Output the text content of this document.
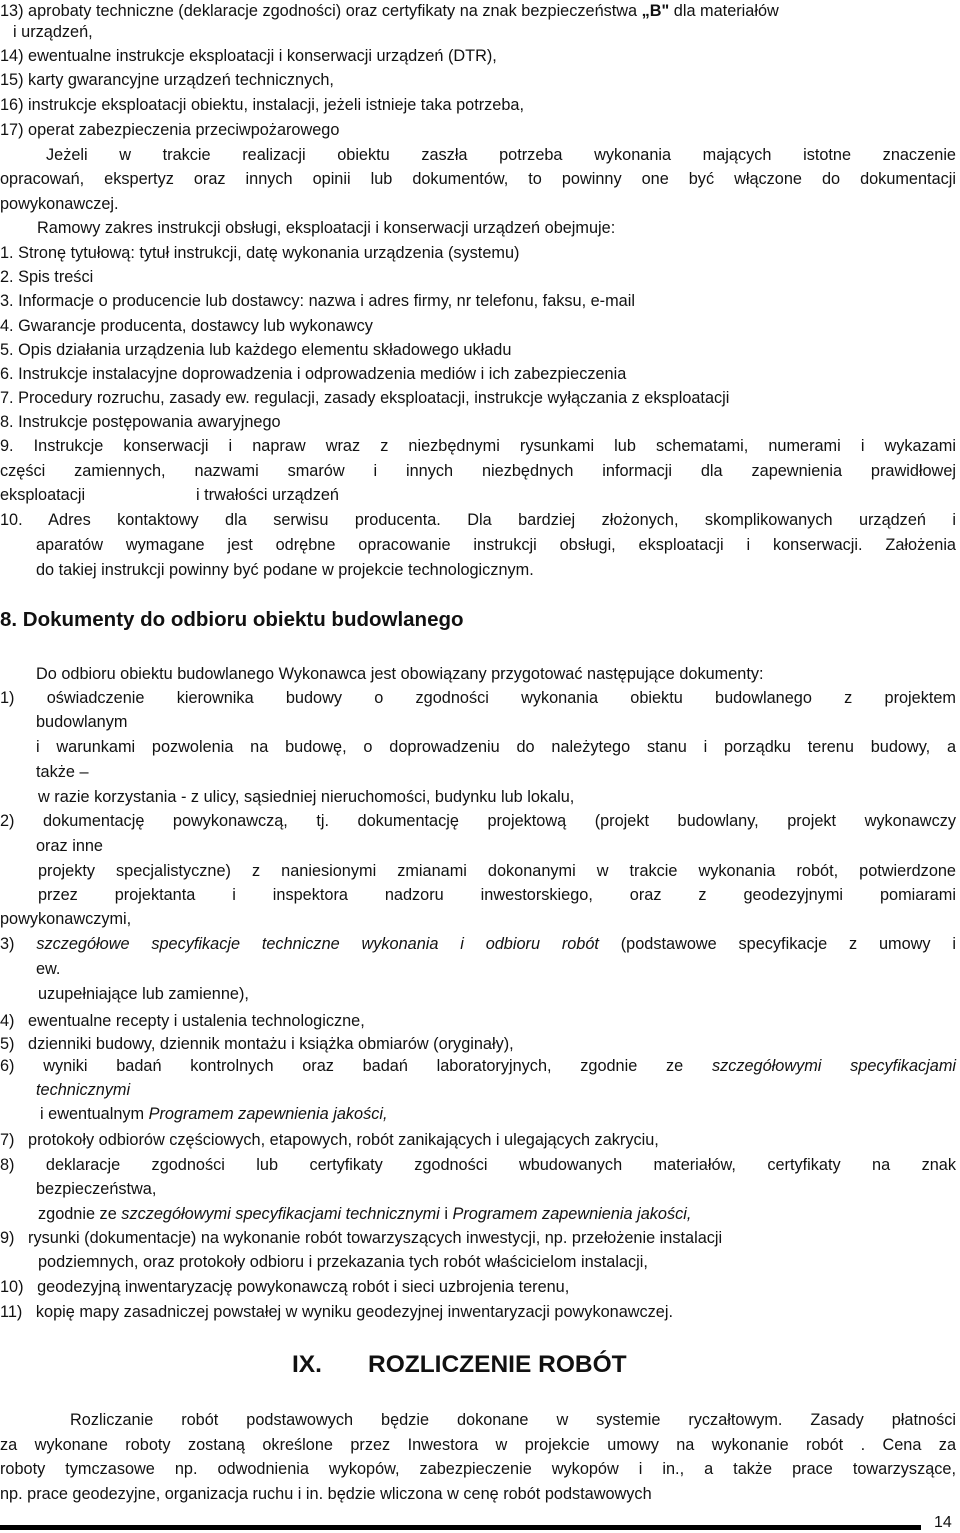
13) aprobaty techniczne (deklaracje zgodności) oraz certyfikaty na znak bezpieczeństwa „B" dla materiałów
i urządzeń,
14) ewentualne instrukcje eksploatacji i konserwacji urządzeń (DTR),
15) karty gwarancyjne urządzeń technicznych,
16) instrukcje eksploatacji obiektu, instalacji, jeżeli istnieje taka potrzeba,
17) operat zabezpieczenia przeciwpożarowego
Jeżeli w trakcie realizacji obiektu zaszła potrzeba wykonania mających istotne znaczenie
opracowań, ekspertyz oraz innych opinii lub dokumentów, to powinny one być włączone do dokumentacji
powykonawczej.
Ramowy zakres instrukcji obsługi, eksploatacji i konserwacji urządzeń obejmuje:
1. Stronę tytułową: tytuł instrukcji, datę wykonania urządzenia (systemu)
2. Spis treści
3. Informacje o producencie lub dostawcy: nazwa i adres firmy, nr telefonu, faksu, e-mail
4. Gwarancje producenta, dostawcy lub wykonawcy
5. Opis działania urządzenia lub każdego elementu składowego układu
6. Instrukcje instalacyjne doprowadzenia i odprowadzenia mediów i ich zabezpieczenia
7. Procedury rozruchu, zasady ew. regulacji, zasady eksploatacji, instrukcje wyłączania z eksploatacji
8. Instrukcje postępowania awaryjnego
9. Instrukcje konserwacji i napraw wraz z niezbędnymi rysunkami lub schematami, numerami i wykazami
części zamiennych, nazwami smarów i innych niezbędnych informacji dla zapewnienia prawidłowej
eksploatacji	i trwałości urządzeń
10. Adres kontaktowy dla serwisu producenta. Dla bardziej złożonych, skomplikowanych urządzeń i
aparatów wymagane jest odrębne opracowanie instrukcji obsługi, eksploatacji i konserwacji. Założenia
do takiej instrukcji powinny być podane w projekcie technologicznym.
8. Dokumenty do odbioru obiektu budowlanego
Do odbioru obiektu budowlanego Wykonawca jest obowiązany przygotować następujące dokumenty:
1) oświadczenie kierownika budowy o zgodności wykonania obiektu budowlanego z projektem
budowlanym
i warunkami pozwolenia na budowę, o doprowadzeniu do należytego stanu i porządku terenu budowy, a
także –
w razie korzystania - z ulicy, sąsiedniej nieruchomości, budynku lub lokalu,
2) dokumentację powykonawczą, tj. dokumentację projektową (projekt budowlany, projekt wykonawczy
oraz inne
projekty specjalistyczne) z naniesionymi zmianami dokonanymi w trakcie wykonania robót, potwierdzone
przez projektanta i inspektora nadzoru inwestorskiego, oraz z geodezyjnymi pomiarami
powykonawczymi,
3) szczegółowe specyfikacje techniczne wykonania i odbioru robót (podstawowe specyfikacje z umowy i
ew.
uzupełniające lub zamienne),
4)   ewentualne recepty i ustalenia technologiczne,
5)   dzienniki budowy, dziennik montażu i książka obmiarów (oryginały),
6) wyniki badań kontrolnych oraz badań laboratoryjnych, zgodnie ze szczegółowymi specyfikacjami
technicznymi
i ewentualnym Programem zapewnienia jakości,
7)   protokoły odbiorów częściowych, etapowych, robót zanikających i ulegających zakryciu,
8) deklaracje zgodności lub certyfikaty zgodności wbudowanych materiałów, certyfikaty na znak
bezpieczeństwa,
zgodnie ze szczegółowymi specyfikacjami technicznymi i Programem zapewnienia jakości,
9)   rysunki (dokumentacje) na wykonanie robót towarzyszących inwestycji, np. przełożenie instalacji
podziemnych, oraz protokoły odbioru i przekazania tych robót właścicielom instalacji,
10)   geodezyjną inwentaryzację powykonawczą robót i sieci uzbrojenia terenu,
11)   kopię mapy zasadniczej powstałej w wyniku geodezyjnej inwentaryzacji powykonawczej.
IX. ROZLICZENIE ROBÓT
Rozliczanie robót podstawowych będzie dokonane w systemie ryczałtowym. Zasady płatności
za wykonane roboty zostaną określone przez Inwestora w projekcie umowy na wykonanie robót . Cena za
roboty tymczasowe np. odwodnienia wykopów, zabezpieczenie wykopów i in., a także prace towarzyszące,
np. prace geodezyjne, organizacja ruchu i in. będzie wliczona w cenę robót podstawowych
14
